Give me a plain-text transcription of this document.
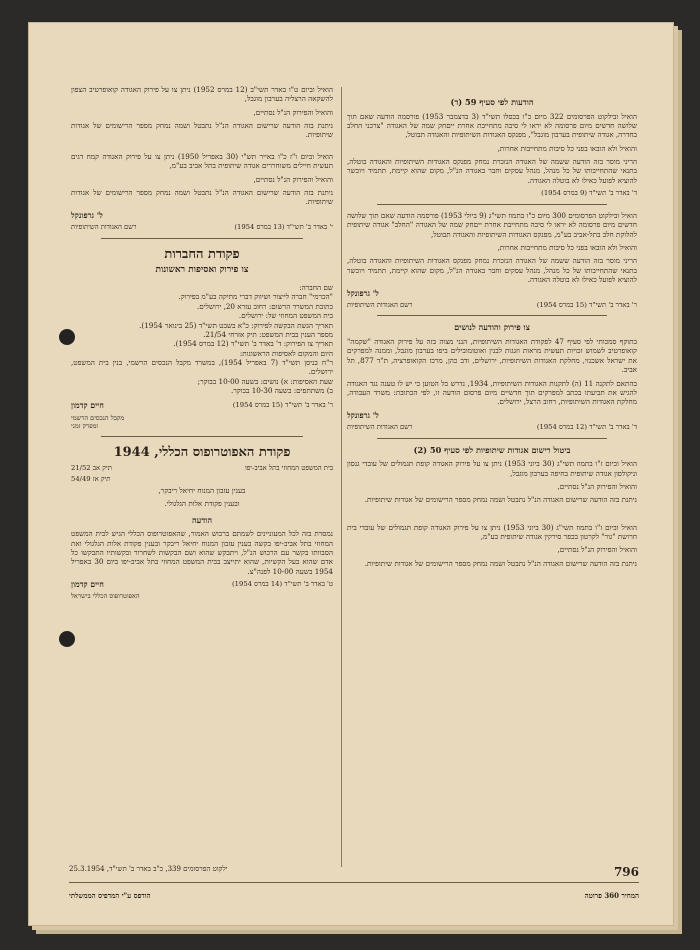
הודעות לפי סעיף 59 (ד)

הואיל ובילקוט הפרסומים 322 מיום כ"ו בכסלו תשי"ד (3 בדצמבר 1953) פורסמה הודעה שאם תוך שלושה חדשים מיום פרסומה לא יראו לי סיבה מתחייבת אחרת ייםחק שמה של האגודה "צרכני החלב בחדרה, אגודה שיתופית בערבון מוגבל", מפנקס האגודות השיתופיות והאגודה תבוטל,

והואיל ולא הובאו בפני כל סיבות מתחייבות אחרות,

הריני מוסר בזה הודעה ששמה של האגודה הנזכרת נמחק מפנקס האגודות השיתופיות והאגודה בוטלה, בתנאי שהתחייבותו של כל מנהל, מנהל עסקים וחבר באגודה הנ"ל, מקום שהוא קיימת, תתמיד ויוכשר להוציא לפועל כאילו לא בוטלה האגודה.

ד' באדר ב' תשי"ד (9 במרס 1954)

הואיל ובילקוט הפרסומים 300 מיום כ"ו בתמוז תשי"ג (9 ביולי 1953) פורסמה הודעה שאם תוך שלושה חדשים מיום פרסומה לא יראו לי סיבה מתחייבת אחרת ייםחק שמה של האגודה "החלב" אגודה שיתופית להלוקת חלב בתל-אביב בע"מ, מפנקס האגודות השיתופיות והאגודה תבוטל,

והואיל ולא הובאו בפני כל סיבות מתחייבות אחרות,

הריני מוסר בזה הודעה ששמה של האגודה הנזכרת נמחק מפנקס האגודות השיתופיות והאגודה בוטלה, בתנאי שהתחייבותו של כל מנהל, מנהל עסקים וחבר באגודה הנ"ל, מקום שהוא קיימת, תתמיד ויוכשר להוציא לפועל כאילו לא בוטלה האגודה.

ל' גרפונקל
ר' באדר ב' תשי"ד (15 במרס 1954)
רשם האגודות השיתופיות
צו פירוק והודעה לנושים

בתוקף סמכותי לפי סעיף 47 לפקודת האגודות השיתופיות, הנני מצוה בזה על פירוק האגודה "שקמה" קואופרטיב לשמוש זכויות תעשית מראות וזגגות לבנין ואוטומובילים ביפו בערבון מוגבל, וממנה למפרקים את ישראל אשכנזי, מחלקת האגודות השיתופיות, ירושלים, ודב כהן, מרכז הקואופרציה, ת"ד 877, תל אביב.

בהתאם לתקנה 11 (ה) לתקנות האגודות השיתופיות, 1934, נדרש כל הטוען כי יש לו טענה נגד האגודה להגיש את תביעתו בכתב למפרקים תוך חדשיים מיום פרסום הודעה זו, לפי הכתובת: משרד העבודה, מחלקת האגודות השיתופיות, רחוב הרצל, ירושלים.

ל' גרפונקל
ד' באדר ב' תשי"ד (12 במרס 1954)
רשם האגודות השיתופיות
ביטול רישום אגודות שיתופיות לפי סעיף 50 (2)

הואיל וביום ז"ו בתמוז תשי"ג (30 ביוני 1953) ניתן צו על פירוק האגודה קופת תגמולים של עובדי גנסון וניקולסון אגודה שיתופית בחיפה בערבון מוגבל,

והואיל והפירוק הנ"ל נסתיים,

ניתנת בזה הודעה שרישום האגודה הנ"ל נתבטל ושמה נמחק מספר הרישומים של אגודות שיתופיות.

הואיל וביום ז"ו בתמוז תשי"ג (30 ביוני 1953) ניתן צו על פירוק האגודה קופת תגמולים של עובדי בית חרושת "גור" לקרטון בכפר סירקין אגודה שיתופית בע"מ,

והואיל והפירוק הנ"ל נסתיים,

ניתנת בזה הודעה שרישום האגודה הנ"ל נתבטל ושמה נמחק מספר הרישומים של אגודות שיתופיות.

הואיל וביום ט"ו באדר תשי"ב (12 במרס 1952) ניתן צו על פירוק האגודה קואופרטיב הצפון להשקאה הרצליה בערבון מוגבל,

והואיל והפירוק הנ"ל נסתיים,

ניתנת בזה הודעה שרישום האגודה הנ"ל נתבטל ושמה נמחק מספר הרישומים של אגודות שיתופיות.

הואיל וביום ו"ז כ"ו באייר תש"י (30 באפריל 1950) ניתן צו על פירוק האגודה קמח דגים תעשית חיילים משוחררים אגודה שיתופית בתל אביב בע"מ,

והואיל והפירוק הנ"ל נסתיים,

ניתנת בזה הודעה שרישום האגודה הנ"ל נתבטל ושמה נמחק מספר הרישומים של אגודות שיתופיות.

ל' גרפונקל
י' באדר ב' תשי"ד (13 במרס 1954)
רשם האגודות השיתופיות
פקודת החברות
צו פירוק ואסיפות ראשונות
שם החברה:
"הכרמי" חברה לייצור ושיווק דברי מתיקה בע"מ בפירוק.
כתובת המשרד הרשום: רחוב עזרא 20, ירושלים.
בית המשפט המחוזי של: ירושלים.
תאריך הגשת הבקשה לפירוק: כ"א בשבט תשי"ד (25 בינואר 1954).
מספר הענין בבית המשפט: תיק אזרחי 21/54.
תאריך צו הפירוק: ד' באדר ב' תשי"ד (12 במרס 1954).
היום והמקום לאסיפות הראשונות:
ר"ח בניסן תשי"ד (7 באפריל 1954), במשרד מקבל הנכסים הרשמי, בנין בית המשפט, ירושלים.
שעת האסיפות: א) נושים: בשעה 10-00 בבוקר;
ב) משתתפים: בשעה 10-30 בבוקר.
ר' באדר ב' תשי"ד (15 במרס 1954)
חיים קדמון
מקבל הנכסים הרשמי
ומפרק זמני
פקודת האפוטרופוס הכללי, 1944
בית המשפט המחוזי בתל אביב-יפו
תיק אב 21/52
תיק אז 54/49

בענין עזבון המנוח יחיאל ריבקר,

ובענין פקודת אלות הגלגולי.

הודעה

נמסרת בזה לכל המעוניינים לשמתם ברכוש האמור, שהאפוטרופוס הכללי הגיש לבית המשפט המחוזי בתל אביב-יפו בקשה בענין עזבון המנוח יחיאל ריבקר ובענין פקודת אלות הגלגולי ואת הסבוותו בקשר עם הרכוש הנ"ל, ויתבקש שהוא ושם הבקשות לשחרור ובקשותיו התבקשו כל אדם שהוא בעל הקשיות, שהוא יתייצב בבית המשפט המחוזי בתל אביב-יפו ביום 30 באפריל 1954 בשעה 10-00 לפנה"צ.

ט' באדר ב' תשי"ד (14 במרס 1954)
חיים קדמון
האפוטרופוס הכללי בישראל
796
ילקוט הפרסומים 339, כ"ב באדר ב' תשי"ד, 25.3.1954
המחיר 360 פרוטה
הודפס ע"י המדפיס הממשלתי
